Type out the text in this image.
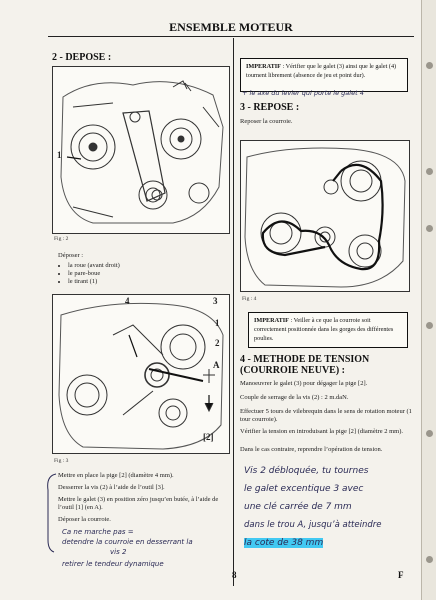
ENSEMBLE MOTEUR
2 - DEPOSE :
1
Fig : 2
Déposer :
• la roue (avant droit)
• le pare-boue
• le tirant (1)
4	3
1
2
A
[2]
Fig : 3
Mettre en place la pige [2] (diamètre 4 mm).
Desserrer la vis (2) à l’aide de l’outil [3].
Mettre le galet (3) en position zéro jusqu’en butée, à l’aide de l’outil [1] (en A).
Déposer la courroie.
Ca ne marche pas =
detendre la courroie en desserrant la
vis 2
retirer le tendeur dynamique
IMPERATIF : Vérifier que le galet (3) ainsi que le galet (4) tournent librement (absence de jeu et point dur).
+ le axe du levier qui porte le galet 4
3 - REPOSE :
Reposer la courroie.
Fig : 4
IMPERATIF : Veiller à ce que la courroie soit correctement positionnée dans les gorges des différentes poulies.
4 - METHODE DE TENSION (COURROIE NEUVE) :
Manoeuvrer le galet (3) pour dégager la pige [2].
Couple de serrage de la vis (2) : 2 m.daN.
Effectuer 5 tours de vilebrequin dans le sens de rotation moteur (1 tour courroie).
Vérifier la tension en introduisant la pige [2] (diamètre 2 mm).
Dans le cas contraire, reprendre l’opération de tension.
Vis 2 débloquée, tu tournes
le galet excentique 3 avec
une clé carrée de 7 mm
dans le trou A, jusqu’à atteindre
la cote de 38 mm
8	F
